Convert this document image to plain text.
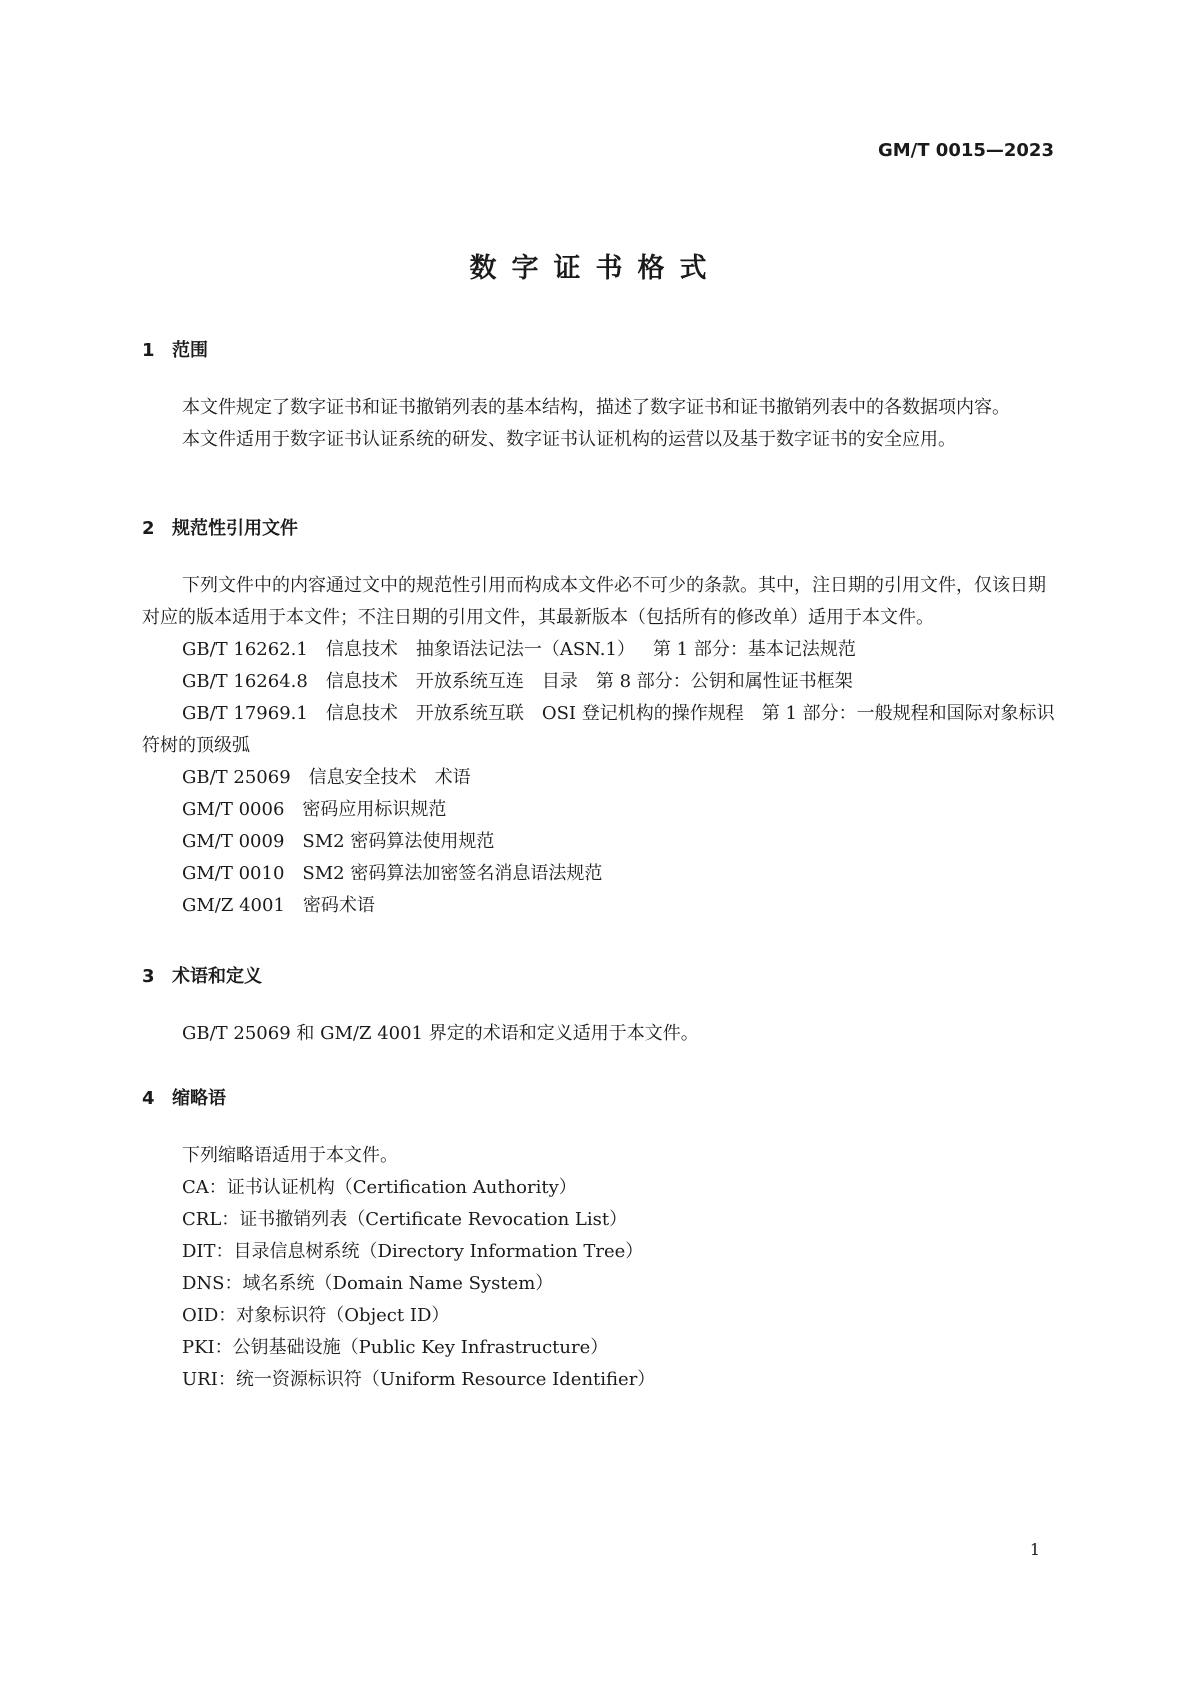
GM/T 0015—2023
数字证书格式

1 范围

本文件规定了数字证书和证书撤销列表的基本结构，描述了数字证书和证书撤销列表中的各数据项内容。

本文件适用于数字证书认证系统的研发、数字证书认证机构的运营以及基于数字证书的安全应用。

2 规范性引用文件

下列文件中的内容通过文中的规范性引用而构成本文件必不可少的条款。其中，注日期的引用文件，仅该日期对应的版本适用于本文件；不注日期的引用文件，其最新版本（包括所有的修改单）适用于本文件。

GB/T 16262.1 信息技术 抽象语法记法一（ASN.1） 第 1 部分：基本记法规范

GB/T 16264.8 信息技术 开放系统互连 目录 第 8 部分：公钥和属性证书框架

GB/T 17969.1 信息技术 开放系统互联 OSI 登记机构的操作规程 第 1 部分：一般规程和国际对象标识符树的顶级弧

GB/T 25069 信息安全技术 术语

GM/T 0006 密码应用标识规范

GM/T 0009 SM2 密码算法使用规范

GM/T 0010 SM2 密码算法加密签名消息语法规范

GM/Z 4001 密码术语

3 术语和定义

GB/T 25069 和 GM/Z 4001 界定的术语和定义适用于本文件。

4 缩略语

下列缩略语适用于本文件。

CA：证书认证机构（Certification Authority）

CRL：证书撤销列表（Certificate Revocation List）

DIT：目录信息树系统（Directory Information Tree）

DNS：域名系统（Domain Name System）

OID：对象标识符（Object ID）

PKI：公钥基础设施（Public Key Infrastructure）

URI：统一资源标识符（Uniform Resource Identifier）

1
